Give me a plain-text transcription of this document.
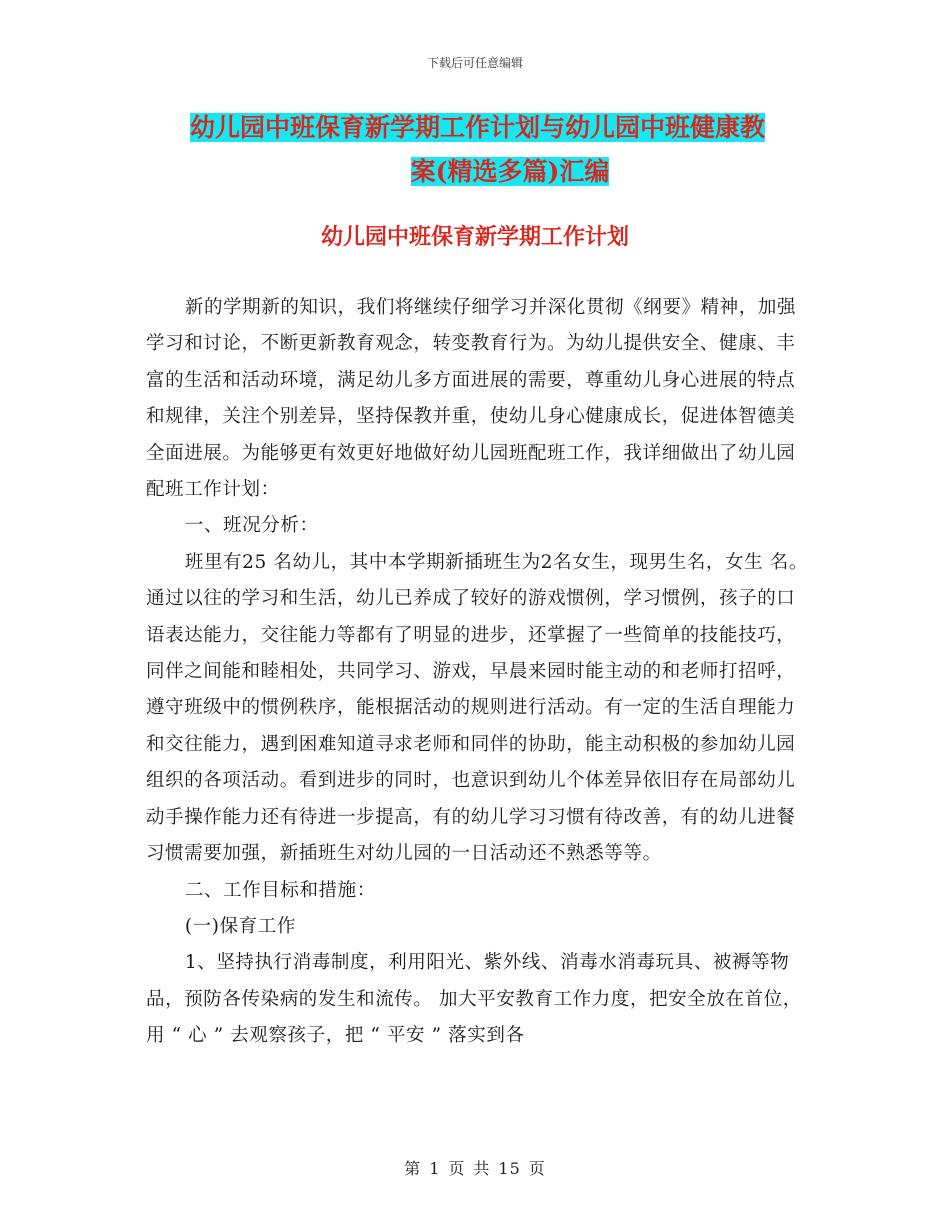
下载后可任意编辑
幼儿园中班保育新学期工作计划与幼儿园中班健康教
案(精选多篇)汇编
幼儿园中班保育新学期工作计划

新的学期新的知识，我们将继续仔细学习并深化贯彻《纲要》精神，加强学习和讨论，不断更新教育观念，转变教育行为。为幼儿提供安全、健康、丰富的生活和活动环境，满足幼儿多方面进展的需要，尊重幼儿身心进展的特点和规律，关注个别差异，坚持保教并重，使幼儿身心健康成长，促进体智德美全面进展。为能够更有效更好地做好幼儿园班配班工作，我详细做出了幼儿园配班工作计划：

一、班况分析：

班里有25 名幼儿，其中本学期新插班生为2名女生，现男生名，女生 名。通过以往的学习和生活，幼儿已养成了较好的游戏惯例，学习惯例，孩子的口语表达能力，交往能力等都有了明显的进步，还掌握了一些简单的技能技巧，同伴之间能和睦相处，共同学习、游戏，早晨来园时能主动的和老师打招呼，遵守班级中的惯例秩序，能根据活动的规则进行活动。有一定的生活自理能力和交往能力，遇到困难知道寻求老师和同伴的协助，能主动积极的参加幼儿园组织的各项活动。看到进步的同时，也意识到幼儿个体差异依旧存在局部幼儿动手操作能力还有待进一步提高，有的幼儿学习习惯有待改善，有的幼儿进餐习惯需要加强，新插班生对幼儿园的一日活动还不熟悉等等。

二、工作目标和措施：

(一)保育工作

1、坚持执行消毒制度，利用阳光、紫外线、消毒水消毒玩具、被褥等物品，预防各传染病的发生和流传。 加大平安教育工作力度，把安全放在首位，用 “ 心 ” 去观察孩子，把 “ 平安 ” 落实到各

第 1 页 共 15 页
